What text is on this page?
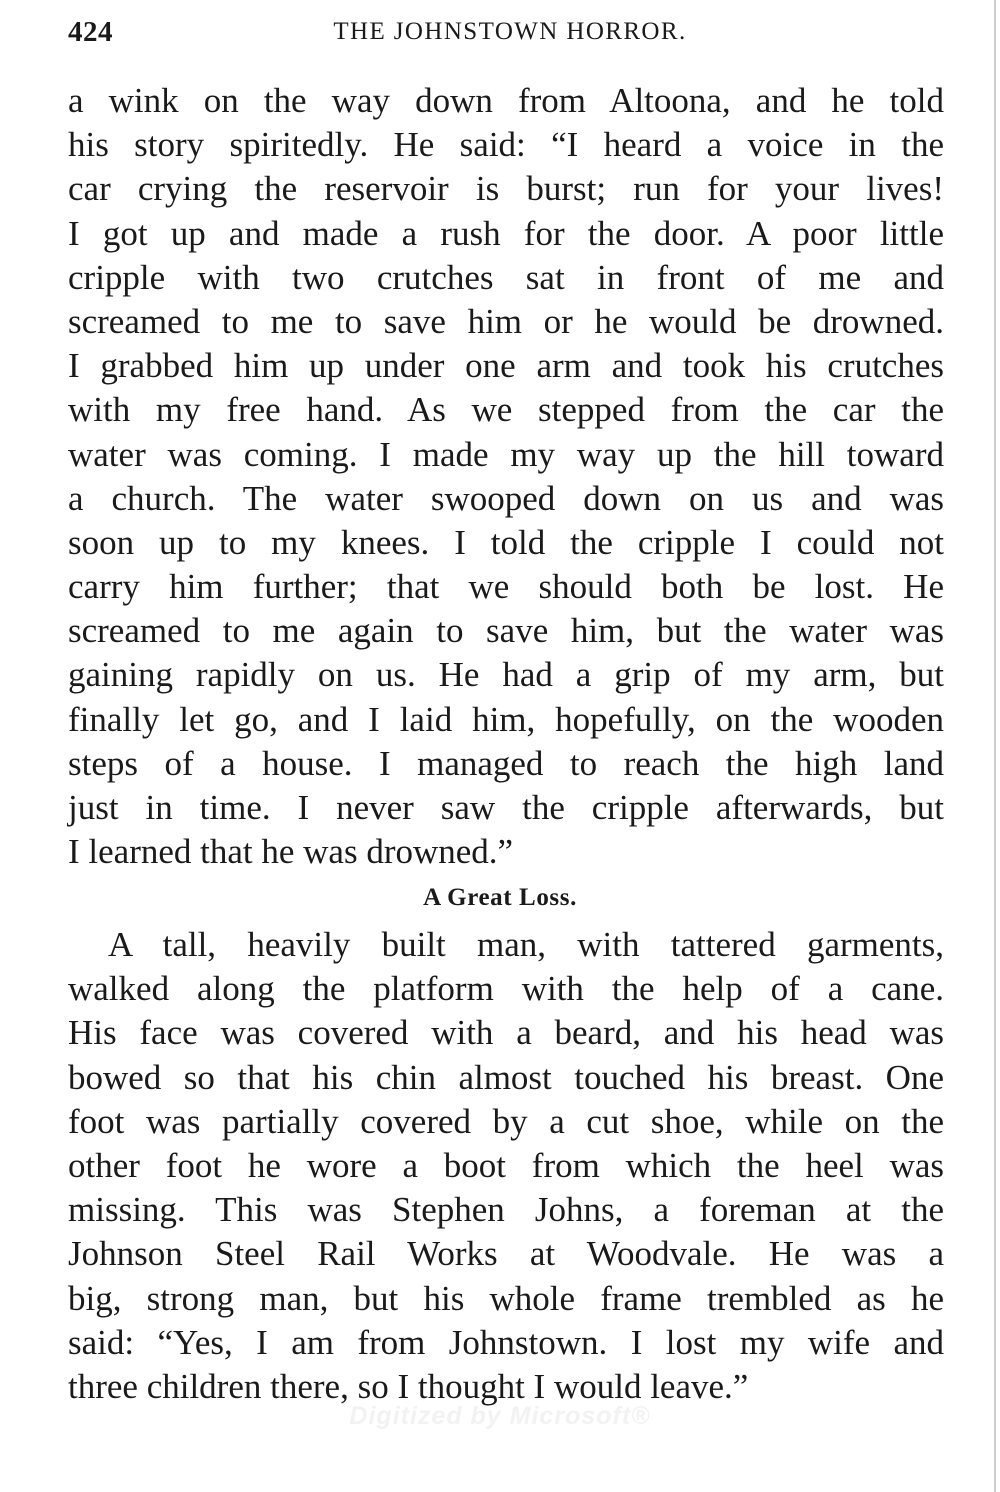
424	THE JOHNSTOWN HORROR.
a wink on the way down from Altoona, and he told
his story spiritedly. He said: “I heard a voice in the
car crying the reservoir is burst; run for your lives!
I got up and made a rush for the door. A poor little
cripple with two crutches sat in front of me and
screamed to me to save him or he would be drowned.
I grabbed him up under one arm and took his crutches
with my free hand. As we stepped from the car the
water was coming. I made my way up the hill toward
a church. The water swooped down on us and was
soon up to my knees. I told the cripple I could not
carry him further; that we should both be lost. He
screamed to me again to save him, but the water was
gaining rapidly on us. He had a grip of my arm, but
finally let go, and I laid him, hopefully, on the wooden
steps of a house. I managed to reach the high land
just in time. I never saw the cripple afterwards, but
I learned that he was drowned.”
A Great Loss.
A tall, heavily built man, with tattered garments,
walked along the platform with the help of a cane.
His face was covered with a beard, and his head was
bowed so that his chin almost touched his breast. One
foot was partially covered by a cut shoe, while on the
other foot he wore a boot from which the heel was
missing. This was Stephen Johns, a foreman at the
Johnson Steel Rail Works at Woodvale. He was a
big, strong man, but his whole frame trembled as he
said: “Yes, I am from Johnstown. I lost my wife and
three children there, so I thought I would leave.”
Digitized by Microsoft®
